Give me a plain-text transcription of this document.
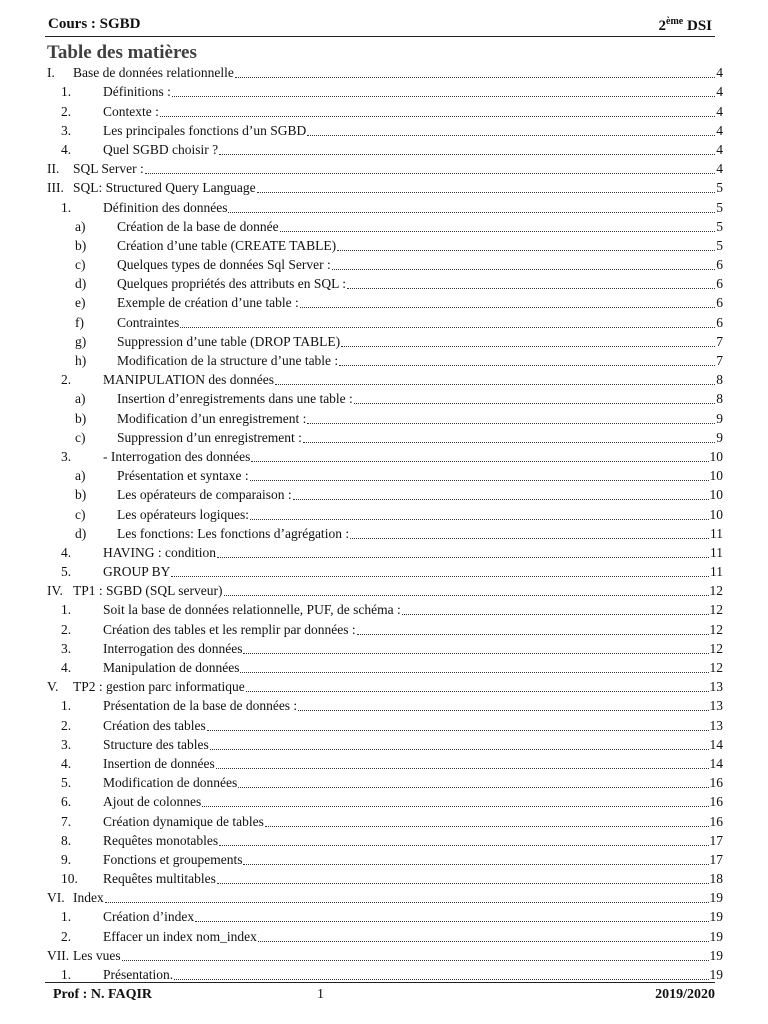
Cours : SGBD	2ème DSI
Table des matières
I.	Base de données relationnelle	4
1.	Définitions :	4
2.	Contexte :	4
3.	Les principales fonctions d’un SGBD	4
4.	Quel SGBD choisir ?	4
II.	SQL Server :	4
III. SQL: Structured Query Language	5
1.	Définition des données	5
a)	Création de la base de donnée	5
b)	Création d’une table (CREATE TABLE)	5
c)	Quelques types de données Sql Server :	6
d)	Quelques propriétés des attributs en SQL :	6
e)	Exemple de création d’une table :	6
f)	Contraintes	6
g)	Suppression d’une table (DROP TABLE)	7
h)	Modification de la structure d’une table :	7
2.	MANIPULATION des données	8
a)	Insertion d’enregistrements dans une table :	8
b)	Modification d’un enregistrement :	9
c)	Suppression d’un enregistrement :	9
3.	- Interrogation des données	10
a)	Présentation et syntaxe :	10
b)	Les opérateurs de comparaison :	10
c)	Les opérateurs logiques:	10
d)	Les fonctions: Les fonctions d’agrégation :	11
4.	HAVING : condition	11
5.	GROUP BY	11
IV. TP1 : SGBD (SQL serveur)	12
1.	Soit la base de données relationnelle, PUF, de schéma :	12
2.	Création des tables et les remplir par données :	12
3.	Interrogation des données	12
4.	Manipulation de données	12
V.	TP2 : gestion parc informatique	13
1.	Présentation de la base de données :	13
2.	Création des tables	13
3.	Structure des tables	14
4.	Insertion de données	14
5.	Modification de données	16
6.	Ajout de colonnes	16
7.	Création dynamique de tables	16
8.	Requêtes monotables	17
9.	Fonctions et groupements	17
10.	Requêtes multitables	18
VI. Index	19
1.	Création d’index	19
2.	Effacer un index nom_index	19
VII. Les vues	19
1.	Présentation.	19
Prof : N. FAQIR	1	2019/2020
